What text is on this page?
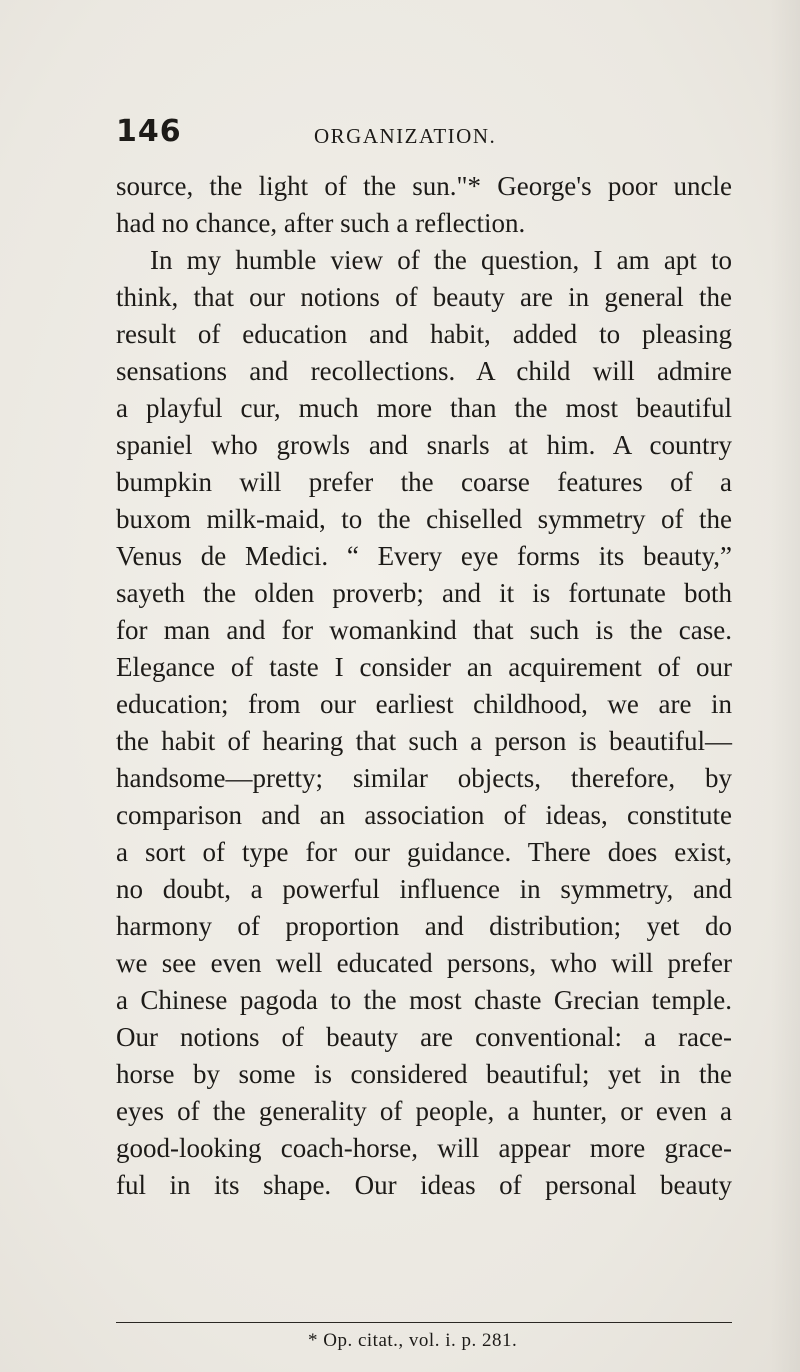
146	ORGANIZATION.
source, the light of the sun."* George's poor uncle
had no chance, after such a reflection.
In my humble view of the question, I am apt to
think, that our notions of beauty are in general the
result of education and habit, added to pleasing
sensations and recollections. A child will admire
a playful cur, much more than the most beautiful
spaniel who growls and snarls at him. A country
bumpkin will prefer the coarse features of a
buxom milk-maid, to the chiselled symmetry of the
Venus de Medici. “ Every eye forms its beauty,”
sayeth the olden proverb; and it is fortunate both
for man and for womankind that such is the case.
Elegance of taste I consider an acquirement of our
education; from our earliest childhood, we are in
the habit of hearing that such a person is beautiful—
handsome—pretty; similar objects, therefore, by
comparison and an association of ideas, constitute
a sort of type for our guidance. There does exist,
no doubt, a powerful influence in symmetry, and
harmony of proportion and distribution; yet do
we see even well educated persons, who will prefer
a Chinese pagoda to the most chaste Grecian temple.
Our notions of beauty are conventional: a race-
horse by some is considered beautiful; yet in the
eyes of the generality of people, a hunter, or even a
good-looking coach-horse, will appear more grace-
ful in its shape. Our ideas of personal beauty
* Op. citat., vol. i. p. 281.
